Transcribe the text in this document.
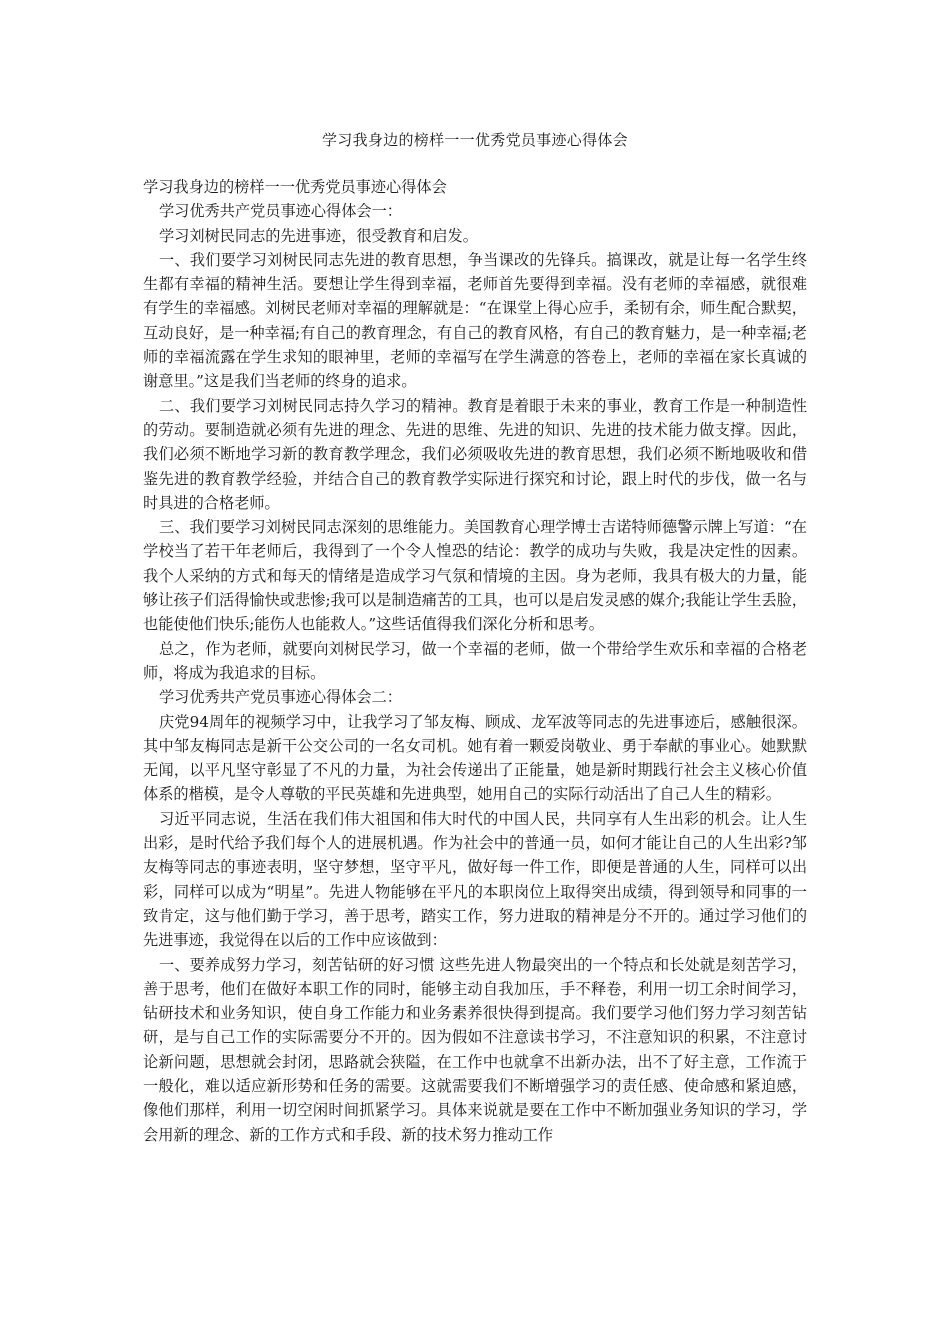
学习我身边的榜样一一优秀党员事迹心得体会

学习我身边的榜样一一优秀党员事迹心得体会

学习优秀共产党员事迹心得体会一：

学习刘树民同志的先进事迹，很受教育和启发。

一、我们要学习刘树民同志先进的教育思想，争当课改的先锋兵。搞课改，就是让每一名学生终生都有幸福的精神生活。要想让学生得到幸福，老师首先要得到幸福。没有老师的幸福感，就很难有学生的幸福感。刘树民老师对幸福的理解就是：“在课堂上得心应手，柔韧有余，师生配合默契，互动良好，是一种幸福;有自己的教育理念，有自己的教育风格，有自己的教育魅力，是一种幸福;老师的幸福流露在学生求知的眼神里，老师的幸福写在学生满意的答卷上，老师的幸福在家长真诚的谢意里。”这是我们当老师的终身的追求。

二、我们要学习刘树民同志持久学习的精神。教育是着眼于未来的事业，教育工作是一种制造性的劳动。要制造就必须有先进的理念、先进的思维、先进的知识、先进的技术能力做支撑。因此，我们必须不断地学习新的教育教学理念，我们必须吸收先进的教育思想，我们必须不断地吸收和借鉴先进的教育教学经验，并结合自己的教育教学实际进行探究和讨论，跟上时代的步伐，做一名与时具进的合格老师。

三、我们要学习刘树民同志深刻的思维能力。美国教育心理学博士吉诺特师德警示牌上写道：“在学校当了若干年老师后，我得到了一个令人惶恐的结论：教学的成功与失败，我是决定性的因素。我个人采纳的方式和每天的情绪是造成学习气氛和情境的主因。身为老师，我具有极大的力量，能够让孩子们活得愉快或悲惨;我可以是制造痛苦的工具，也可以是启发灵感的媒介;我能让学生丢脸，也能使他们快乐;能伤人也能救人。”这些话值得我们深化分析和思考。

总之，作为老师，就要向刘树民学习，做一个幸福的老师，做一个带给学生欢乐和幸福的合格老师，将成为我追求的目标。

学习优秀共产党员事迹心得体会二：

庆党94周年的视频学习中，让我学习了邹友梅、顾成、龙军波等同志的先进事迹后，感触很深。其中邹友梅同志是新干公交公司的一名女司机。她有着一颗爱岗敬业、勇于奉献的事业心。她默默无闻，以平凡坚守彰显了不凡的力量，为社会传递出了正能量，她是新时期践行社会主义核心价值体系的楷模，是令人尊敬的平民英雄和先进典型，她用自己的实际行动活出了自己人生的精彩。

习近平同志说，生活在我们伟大祖国和伟大时代的中国人民，共同享有人生出彩的机会。让人生出彩，是时代给予我们每个人的进展机遇。作为社会中的普通一员，如何才能让自己的人生出彩?邹友梅等同志的事迹表明，坚守梦想，坚守平凡，做好每一件工作，即便是普通的人生，同样可以出彩，同样可以成为“明星”。先进人物能够在平凡的本职岗位上取得突出成绩，得到领导和同事的一致肯定，这与他们勤于学习，善于思考，踏实工作，努力进取的精神是分不开的。通过学习他们的先进事迹，我觉得在以后的工作中应该做到：

一、要养成努力学习，刻苦钻研的好习惯 这些先进人物最突出的一个特点和长处就是刻苦学习，善于思考，他们在做好本职工作的同时，能够主动自我加压，手不释卷，利用一切工余时间学习，钻研技术和业务知识，使自身工作能力和业务素养很快得到提高。我们要学习他们努力学习刻苦钻研，是与自己工作的实际需要分不开的。因为假如不注意读书学习，不注意知识的积累，不注意讨论新问题，思想就会封闭，思路就会狭隘，在工作中也就拿不出新办法，出不了好主意，工作流于一般化，难以适应新形势和任务的需要。这就需要我们不断增强学习的责任感、使命感和紧迫感，像他们那样，利用一切空闲时间抓紧学习。具体来说就是要在工作中不断加强业务知识的学习，学会用新的理念、新的工作方式和手段、新的技术努力推动工作
